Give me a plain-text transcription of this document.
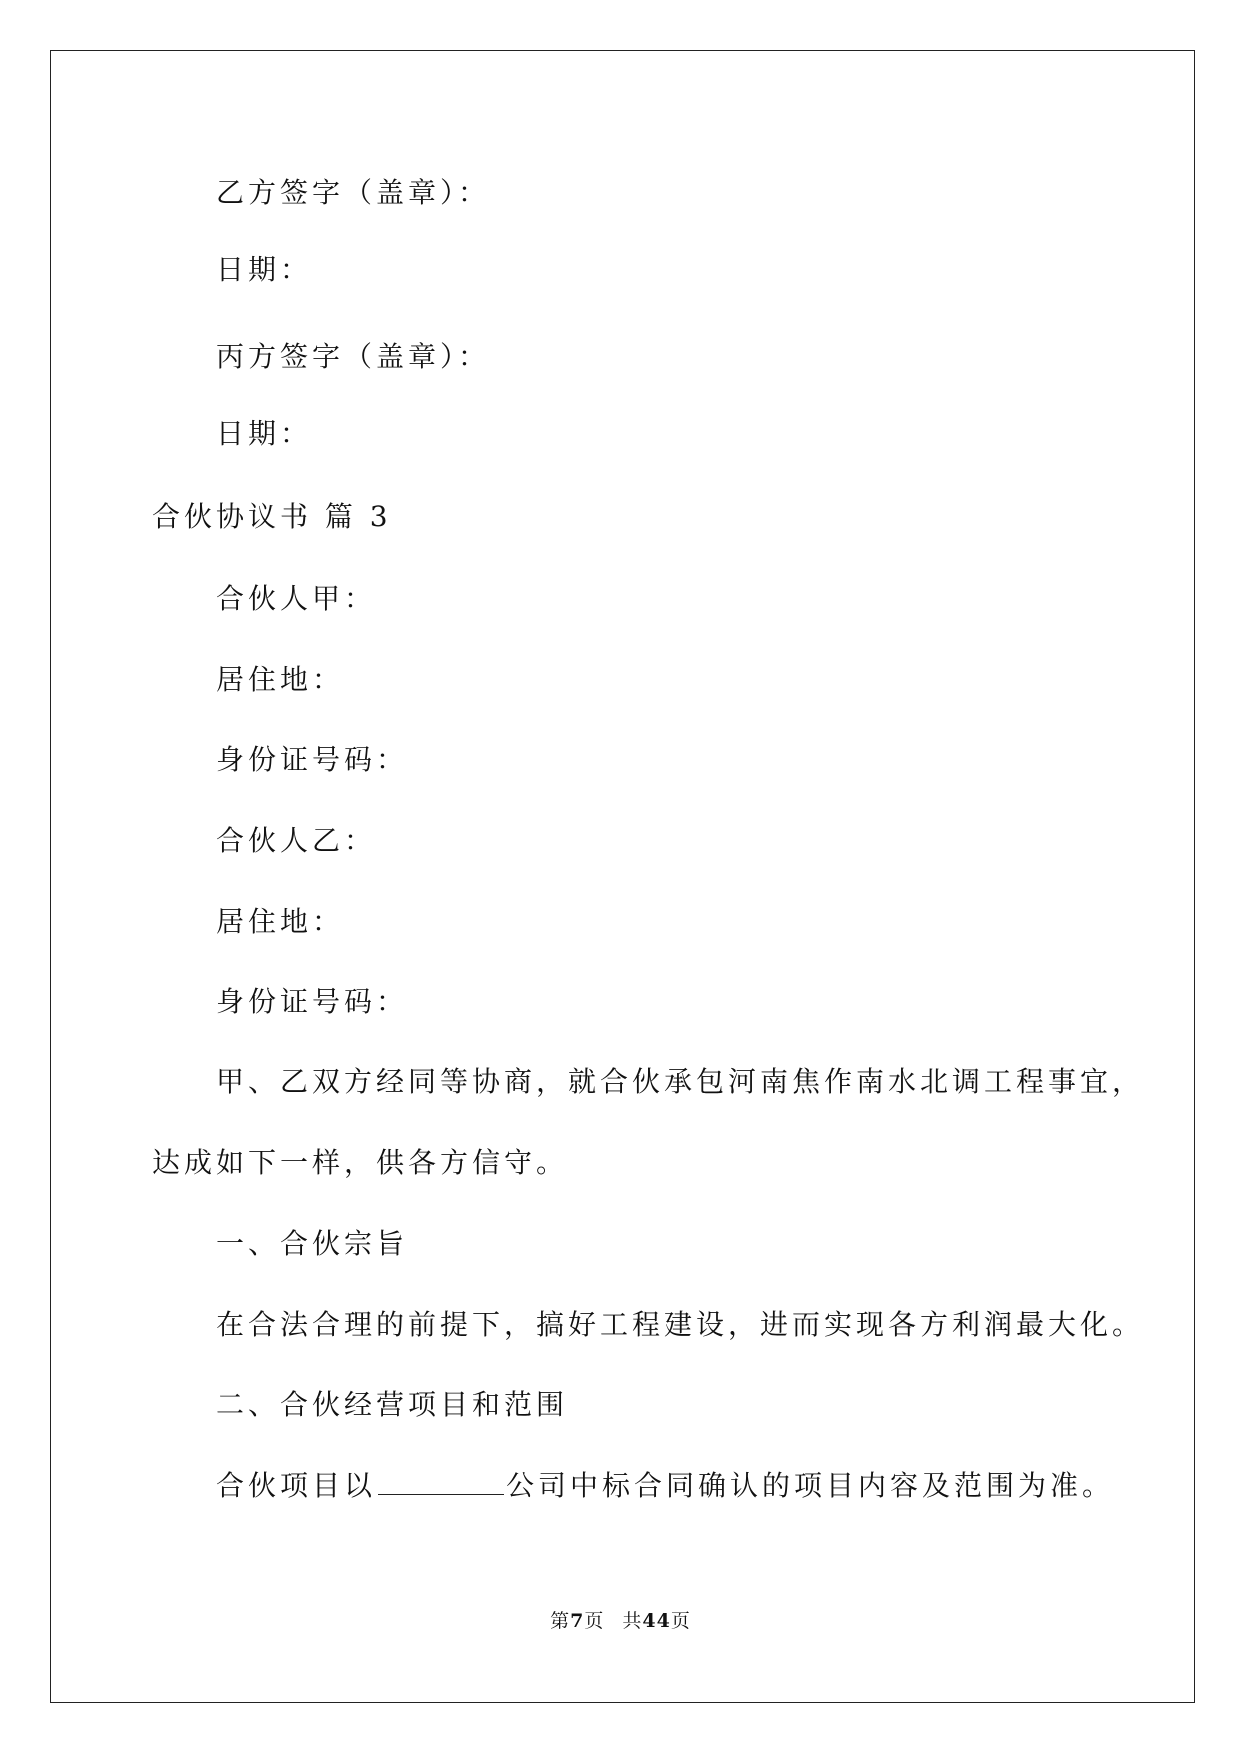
乙方签字（盖章）：
日期：
丙方签字（盖章）：
日期：
合伙协议书 篇 3
合伙人甲：
居住地：
身份证号码：
合伙人乙：
居住地：
身份证号码：
甲、乙双方经同等协商，就合伙承包河南焦作南水北调工程事宜，
达成如下一样，供各方信守。
一、合伙宗旨
在合法合理的前提下，搞好工程建设，进而实现各方利润最大化。
二、合伙经营项目和范围
合伙项目以	公司中标合同确认的项目内容及范围为准。
第7页 共44页
